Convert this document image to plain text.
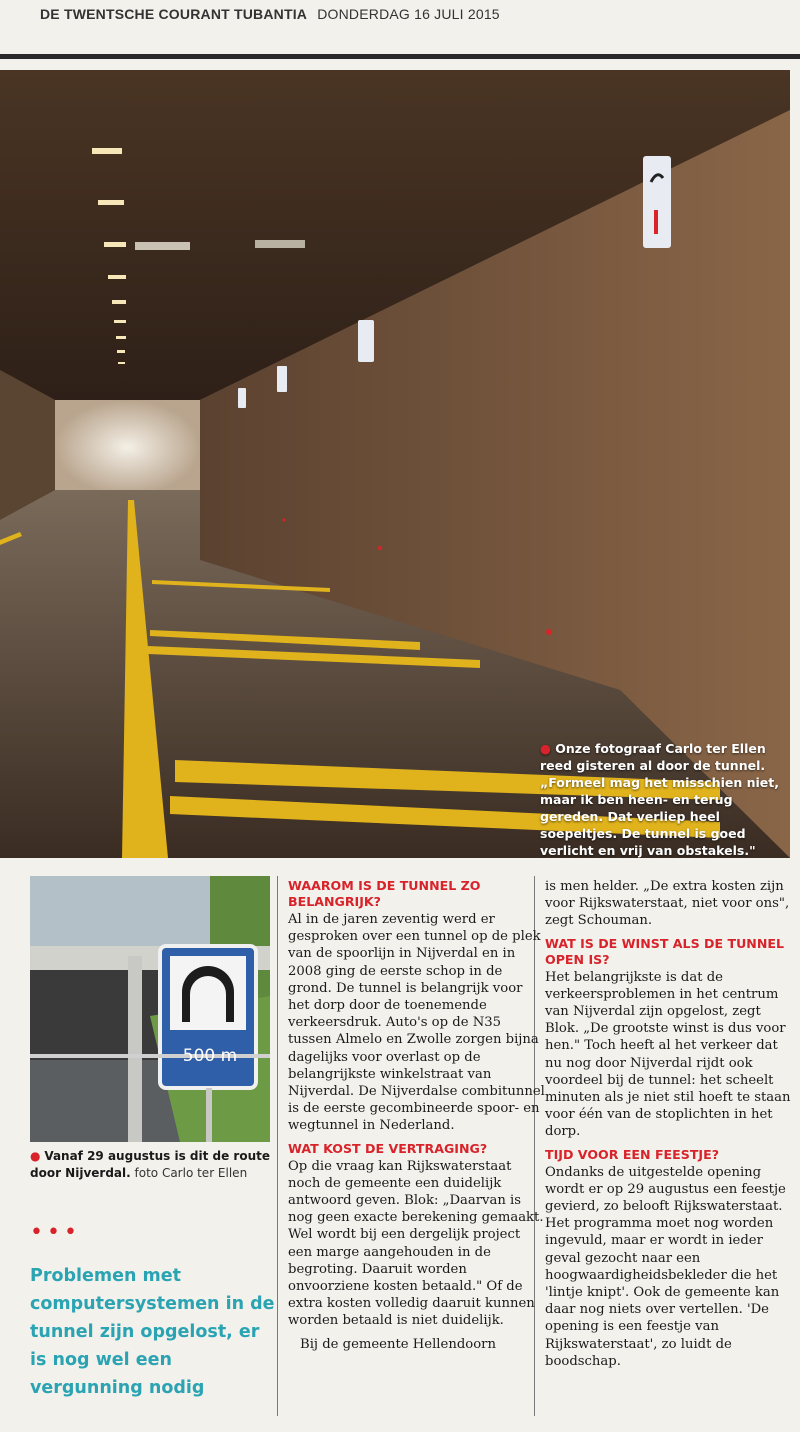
DE TWENTSCHE COURANT TUBANTIA DONDERDAG 16 JULI 2015
● Onze fotograaf Carlo ter Ellen reed gisteren al door de tunnel. „Formeel mag het misschien niet, maar ik ben heen- en terug gereden. Dat verliep heel soepeltjes. De tunnel is goed verlicht en vrij van obstakels."
500 m
● Vanaf 29 augustus is dit de route door Nijverdal. foto Carlo ter Ellen
•••
Problemen met computersystemen in de tunnel zijn opgelost, er is nog wel een vergunning nodig
WAAROM IS DE TUNNEL ZO BELANGRIJK?

Al in de jaren zeventig werd er gesproken over een tunnel op de plek van de spoorlijn in Nijverdal en in 2008 ging de eerste schop in de grond. De tunnel is belangrijk voor het dorp door de toenemende verkeersdruk. Auto's op de N35 tussen Almelo en Zwolle zorgen bijna dagelijks voor overlast op de belangrijkste winkelstraat van Nijverdal. De Nijverdalse combitunnel is de eerste gecombineerde spoor- en wegtunnel in Nederland.

WAT KOST DE VERTRAGING?

Op die vraag kan Rijkswaterstaat noch de gemeente een duidelijk antwoord geven. Blok: „Daarvan is nog geen exacte berekening gemaakt. Wel wordt bij een dergelijk project een marge aangehouden in de begroting. Daaruit worden onvoorziene kosten betaald." Of de extra kosten volledig daaruit kunnen worden betaald is niet duidelijk.

Bij de gemeente Hellendoorn

is men helder. „De extra kosten zijn voor Rijkswaterstaat, niet voor ons", zegt Schouman.

WAT IS DE WINST ALS DE TUNNEL OPEN IS?

Het belangrijkste is dat de verkeersproblemen in het centrum van Nijverdal zijn opgelost, zegt Blok. „De grootste winst is dus voor hen." Toch heeft al het verkeer dat nu nog door Nijverdal rijdt ook voordeel bij de tunnel: het scheelt minuten als je niet stil hoeft te staan voor één van de stoplichten in het dorp.

TIJD VOOR EEN FEESTJE?

Ondanks de uitgestelde opening wordt er op 29 augustus een feestje gevierd, zo belooft Rijkswaterstaat. Het programma moet nog worden ingevuld, maar er wordt in ieder geval gezocht naar een hoogwaardigheidsbekleder die het 'lintje knipt'. Ook de gemeente kan daar nog niets over vertellen. 'De opening is een feestje van Rijkswaterstaat', zo luidt de boodschap.
